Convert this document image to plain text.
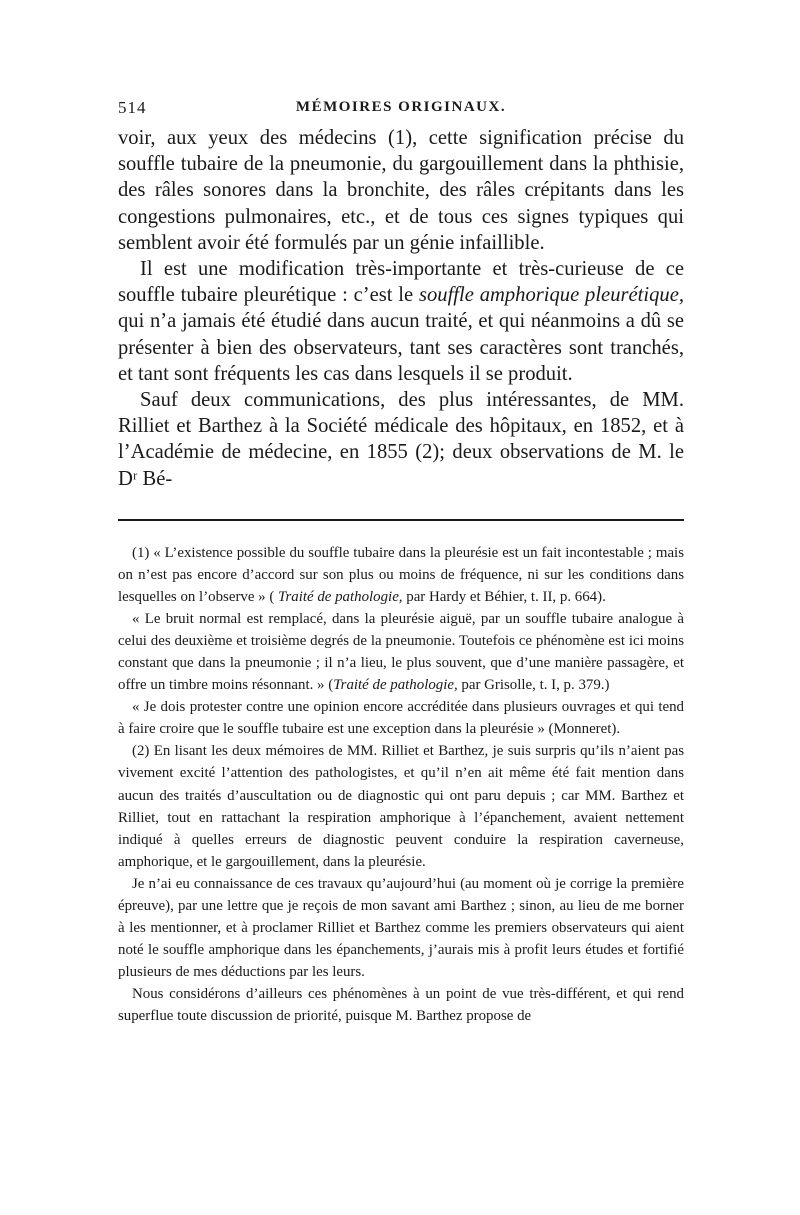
514	MÉMOIRES ORIGINAUX.

voir, aux yeux des médecins (1), cette signification précise du souffle tubaire de la pneumonie, du gargouillement dans la phthisie, des râles sonores dans la bronchite, des râles crépitants dans les congestions pulmonaires, etc., et de tous ces signes typiques qui semblent avoir été formulés par un génie infaillible.

Il est une modification très-importante et très-curieuse de ce souffle tubaire pleurétique : c’est le souffle amphorique pleurétique, qui n’a jamais été étudié dans aucun traité, et qui néanmoins a dû se présenter à bien des observateurs, tant ses caractères sont tranchés, et tant sont fréquents les cas dans lesquels il se produit.

Sauf deux communications, des plus intéressantes, de MM. Rilliet et Barthez à la Société médicale des hôpitaux, en 1852, et à l’Académie de médecine, en 1855 (2); deux observations de M. le Dʳ Bé-

(1) « L’existence possible du souffle tubaire dans la pleurésie est un fait incontestable ; mais on n’est pas encore d’accord sur son plus ou moins de fréquence, ni sur les conditions dans lesquelles on l’observe » ( Traité de pathologie, par Hardy et Béhier, t. II, p. 664).

« Le bruit normal est remplacé, dans la pleurésie aiguë, par un souffle tubaire analogue à celui des deuxième et troisième degrés de la pneumonie. Toutefois ce phénomène est ici moins constant que dans la pneumonie ; il n’a lieu, le plus souvent, que d’une manière passagère, et offre un timbre moins résonnant. » (Traité de pathologie, par Grisolle, t. I, p. 379.)

« Je dois protester contre une opinion encore accréditée dans plusieurs ouvrages et qui tend à faire croire que le souffle tubaire est une exception dans la pleurésie » (Monneret).

(2) En lisant les deux mémoires de MM. Rilliet et Barthez, je suis surpris qu’ils n’aient pas vivement excité l’attention des pathologistes, et qu’il n’en ait même été fait mention dans aucun des traités d’auscultation ou de diagnostic qui ont paru depuis ; car MM. Barthez et Rilliet, tout en rattachant la respiration amphorique à l’épanchement, avaient nettement indiqué à quelles erreurs de diagnostic peuvent conduire la respiration caverneuse, amphorique, et le gargouillement, dans la pleurésie.

Je n’ai eu connaissance de ces travaux qu’aujourd’hui (au moment où je corrige la première épreuve), par une lettre que je reçois de mon savant ami Barthez ; sinon, au lieu de me borner à les mentionner, et à proclamer Rilliet et Barthez comme les premiers observateurs qui aient noté le souffle amphorique dans les épanchements, j’aurais mis à profit leurs études et fortifié plusieurs de mes déductions par les leurs.

Nous considérons d’ailleurs ces phénomènes à un point de vue très-différent, et qui rend superflue toute discussion de priorité, puisque M. Barthez propose de
